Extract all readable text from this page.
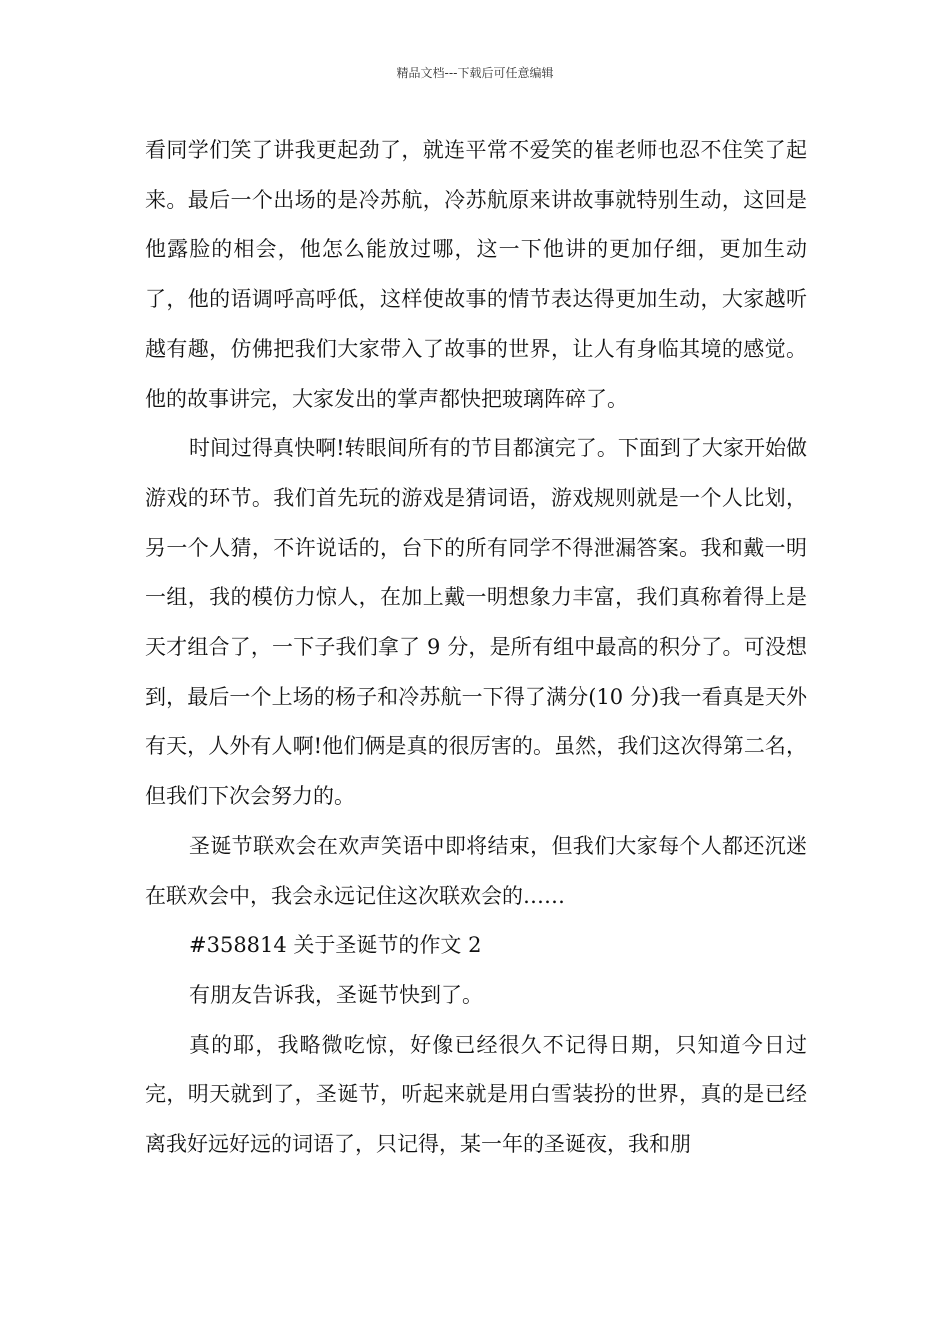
精品文档---下载后可任意编辑

看同学们笑了讲我更起劲了，就连平常不爱笑的崔老师也忍不住笑了起来。最后一个出场的是冷苏航，冷苏航原来讲故事就特别生动，这回是他露脸的相会，他怎么能放过哪，这一下他讲的更加仔细，更加生动了，他的语调呼高呼低，这样使故事的情节表达得更加生动，大家越听越有趣，仿佛把我们大家带入了故事的世界，让人有身临其境的感觉。他的故事讲完，大家发出的掌声都快把玻璃阵碎了。

时间过得真快啊!转眼间所有的节目都演完了。下面到了大家开始做游戏的环节。我们首先玩的游戏是猜词语，游戏规则就是一个人比划，另一个人猜，不许说话的，台下的所有同学不得泄漏答案。我和戴一明一组，我的模仿力惊人，在加上戴一明想象力丰富，我们真称着得上是天才组合了，一下子我们拿了 9 分，是所有组中最高的积分了。可没想到，最后一个上场的杨子和冷苏航一下得了满分(10 分)我一看真是天外有天，人外有人啊!他们俩是真的很厉害的。虽然，我们这次得第二名，但我们下次会努力的。

圣诞节联欢会在欢声笑语中即将结束，但我们大家每个人都还沉迷在联欢会中，我会永远记住这次联欢会的……

#358814 关于圣诞节的作文 2

有朋友告诉我，圣诞节快到了。

真的耶，我略微吃惊，好像已经很久不记得日期，只知道今日过完，明天就到了，圣诞节，听起来就是用白雪装扮的世界，真的是已经离我好远好远的词语了，只记得，某一年的圣诞夜，我和朋
